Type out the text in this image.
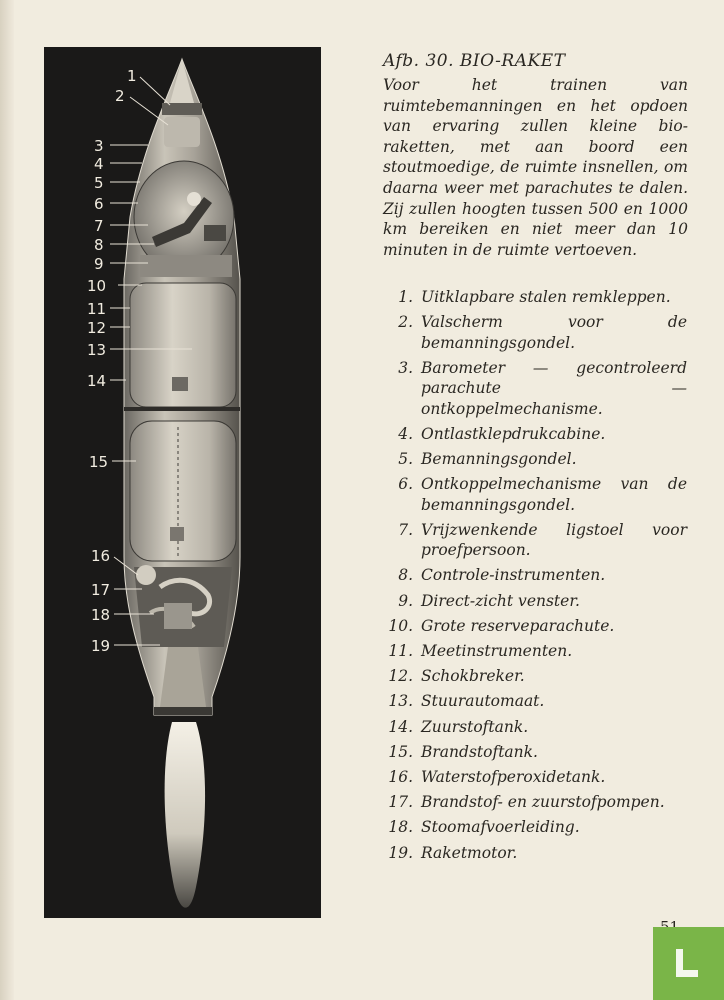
1
2
3
4
5
6
7
8
9
10
11
12
13
14
15
16
17
18
19

Afb. 30. BIO-RAKET

Voor het trainen van ruimtebemanningen en het opdoen van ervaring zullen kleine bio-raketten, met aan boord een stoutmoedige, de ruimte insnellen, om daarna weer met parachutes te dalen. Zij zullen hoogten tussen 500 en 1000 km bereiken en niet meer dan 10 minuten in de ruimte vertoeven.

1. Uitklapbare stalen remkleppen.
2. Valscherm voor de bemanningsgondel.
3. Barometer — gecontroleerd parachute — ontkoppelmechanisme.
4. Ontlastklepdrukcabine.
5. Bemanningsgondel.
6. Ontkoppelmechanisme van de bemanningsgondel.
7. Vrijzwenkende ligstoel voor proefpersoon.
8. Controle-instrumenten.
9. Direct-zicht venster.
10. Grote reserveparachute.
11. Meetinstrumenten.
12. Schokbreker.
13. Stuurautomaat.
14. Zuurstoftank.
15. Brandstoftank.
16. Waterstofperoxidetank.
17. Brandstof- en zuurstofpompen.
18. Stoomafvoerleiding.
19. Raketmotor.
